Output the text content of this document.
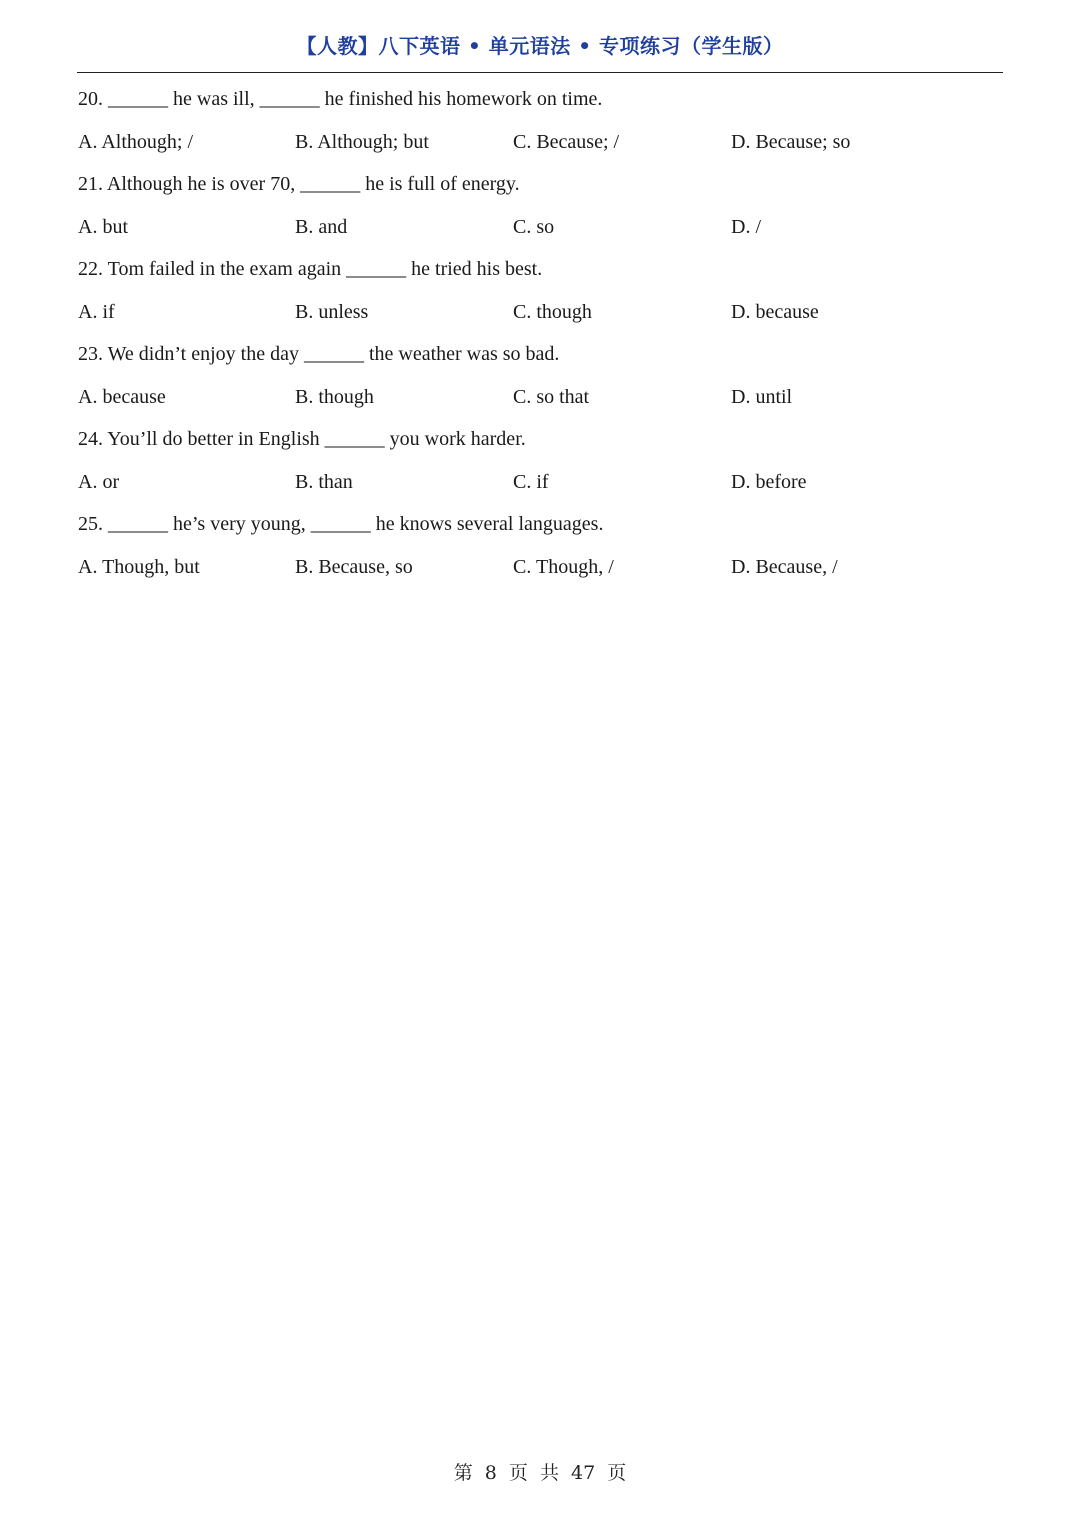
【人教】八下英语 • 单元语法 • 专项练习（学生版）
20. ______ he was ill, ______ he finished his homework on time.
A. Although; /	B. Although; but	C. Because; /	D. Because; so
21. Although he is over 70, ______ he is full of energy.
A. but	B. and	C. so	D. /
22. Tom failed in the exam again ______ he tried his best.
A. if	B. unless	C. though	D. because
23. We didn’t enjoy the day ______ the weather was so bad.
A. because	B. though	C. so that	D. until
24. You’ll do better in English ______ you work harder.
A. or	B. than	C. if	D. before
25. ______ he’s very young, ______ he knows several languages.
A. Though, but	B. Because, so	C. Though, /	D. Because, /
第 8 页 共 47 页
